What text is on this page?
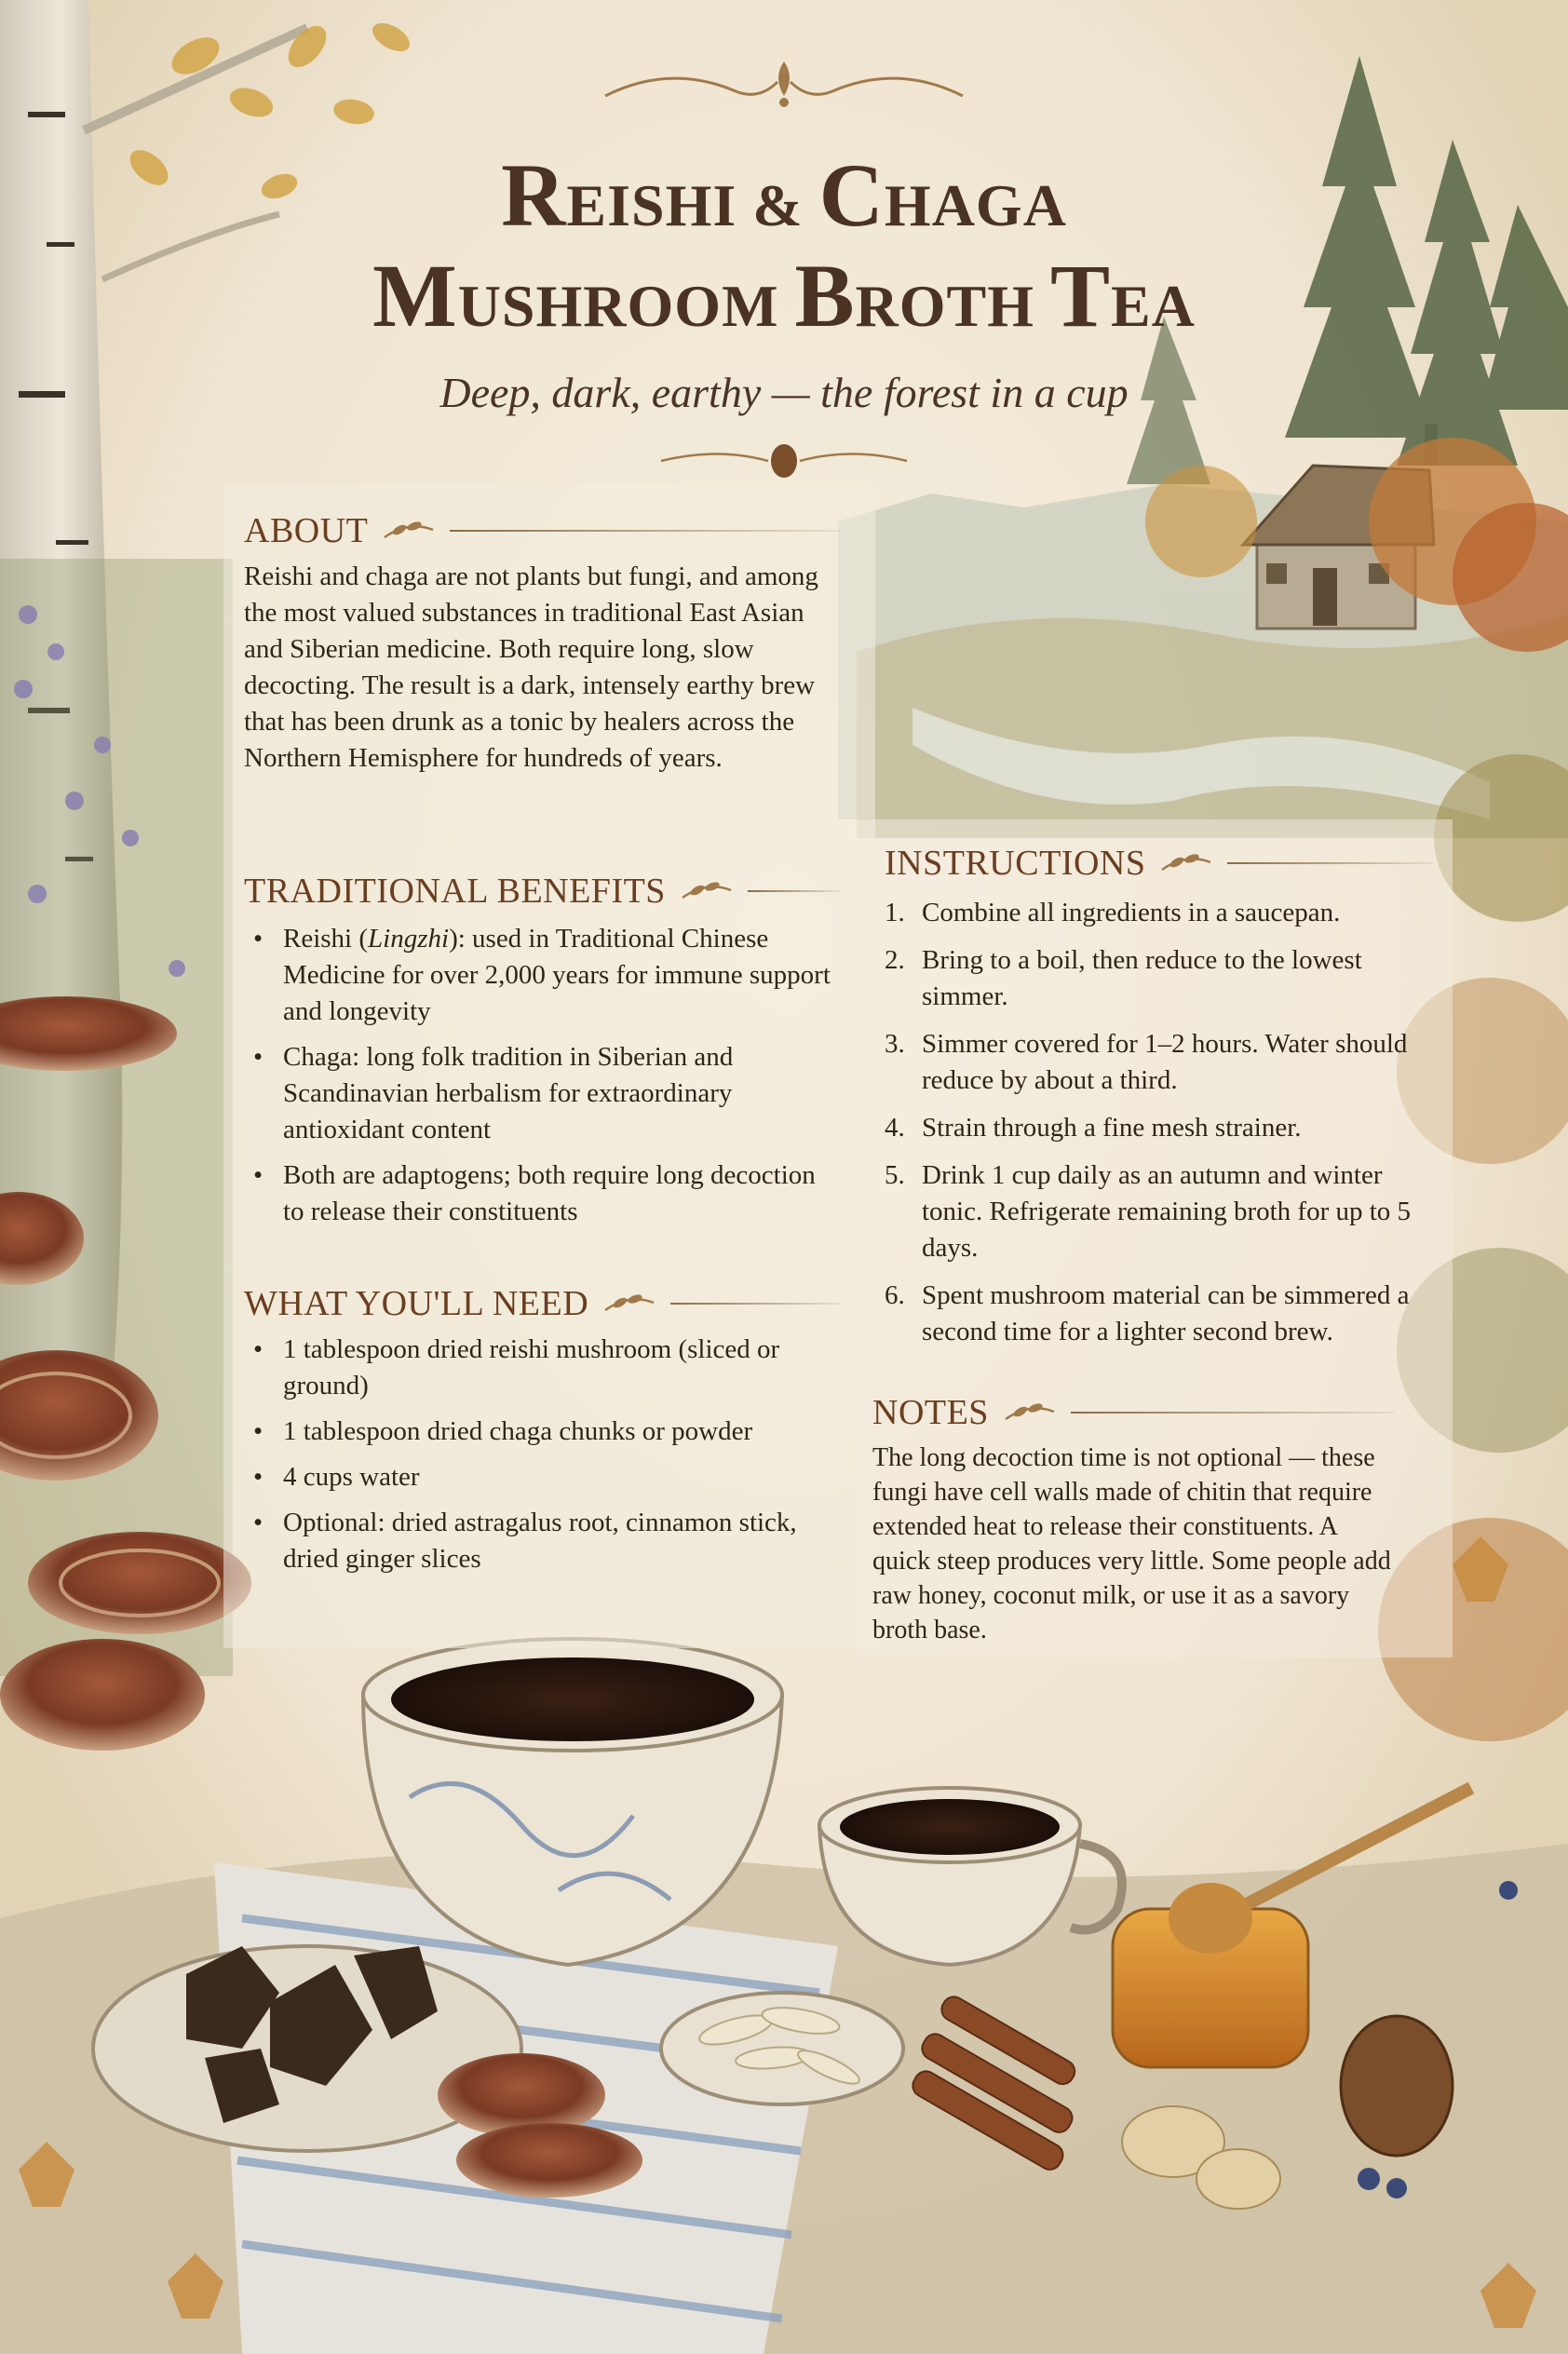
REISHI & CHAGA
MUSHROOM BROTH TEA
Deep, dark, earthy — the forest in a cup
ABOUT
Reishi and chaga are not plants but fungi, and among the most valued substances in traditional East Asian and Siberian medicine. Both require long, slow decocting. The result is a dark, intensely earthy brew that has been drunk as a tonic by healers across the Northern Hemisphere for hundreds of years.
TRADITIONAL BENEFITS
• Reishi (Lingzhi): used in Traditional Chinese Medicine for over 2,000 years for immune support and longevity
• Chaga: long folk tradition in Siberian and Scandinavian herbalism for extraordinary antioxidant content
• Both are adaptogens; both require long decoction to release their constituents
WHAT YOU'LL NEED
• 1 tablespoon dried reishi mushroom (sliced or ground)
• 1 tablespoon dried chaga chunks or powder
• 4 cups water
• Optional: dried astragalus root, cinnamon stick, dried ginger slices
INSTRUCTIONS
1. Combine all ingredients in a saucepan.
2. Bring to a boil, then reduce to the lowest simmer.
3. Simmer covered for 1–2 hours. Water should reduce by about a third.
4. Strain through a fine mesh strainer.
5. Drink 1 cup daily as an autumn and winter tonic. Refrigerate remaining broth for up to 5 days.
6. Spent mushroom material can be simmered a second time for a lighter second brew.
NOTES
The long decoction time is not optional — these fungi have cell walls made of chitin that require extended heat to release their constituents. A quick steep produces very little. Some people add raw honey, coconut milk, or use it as a savory broth base.
